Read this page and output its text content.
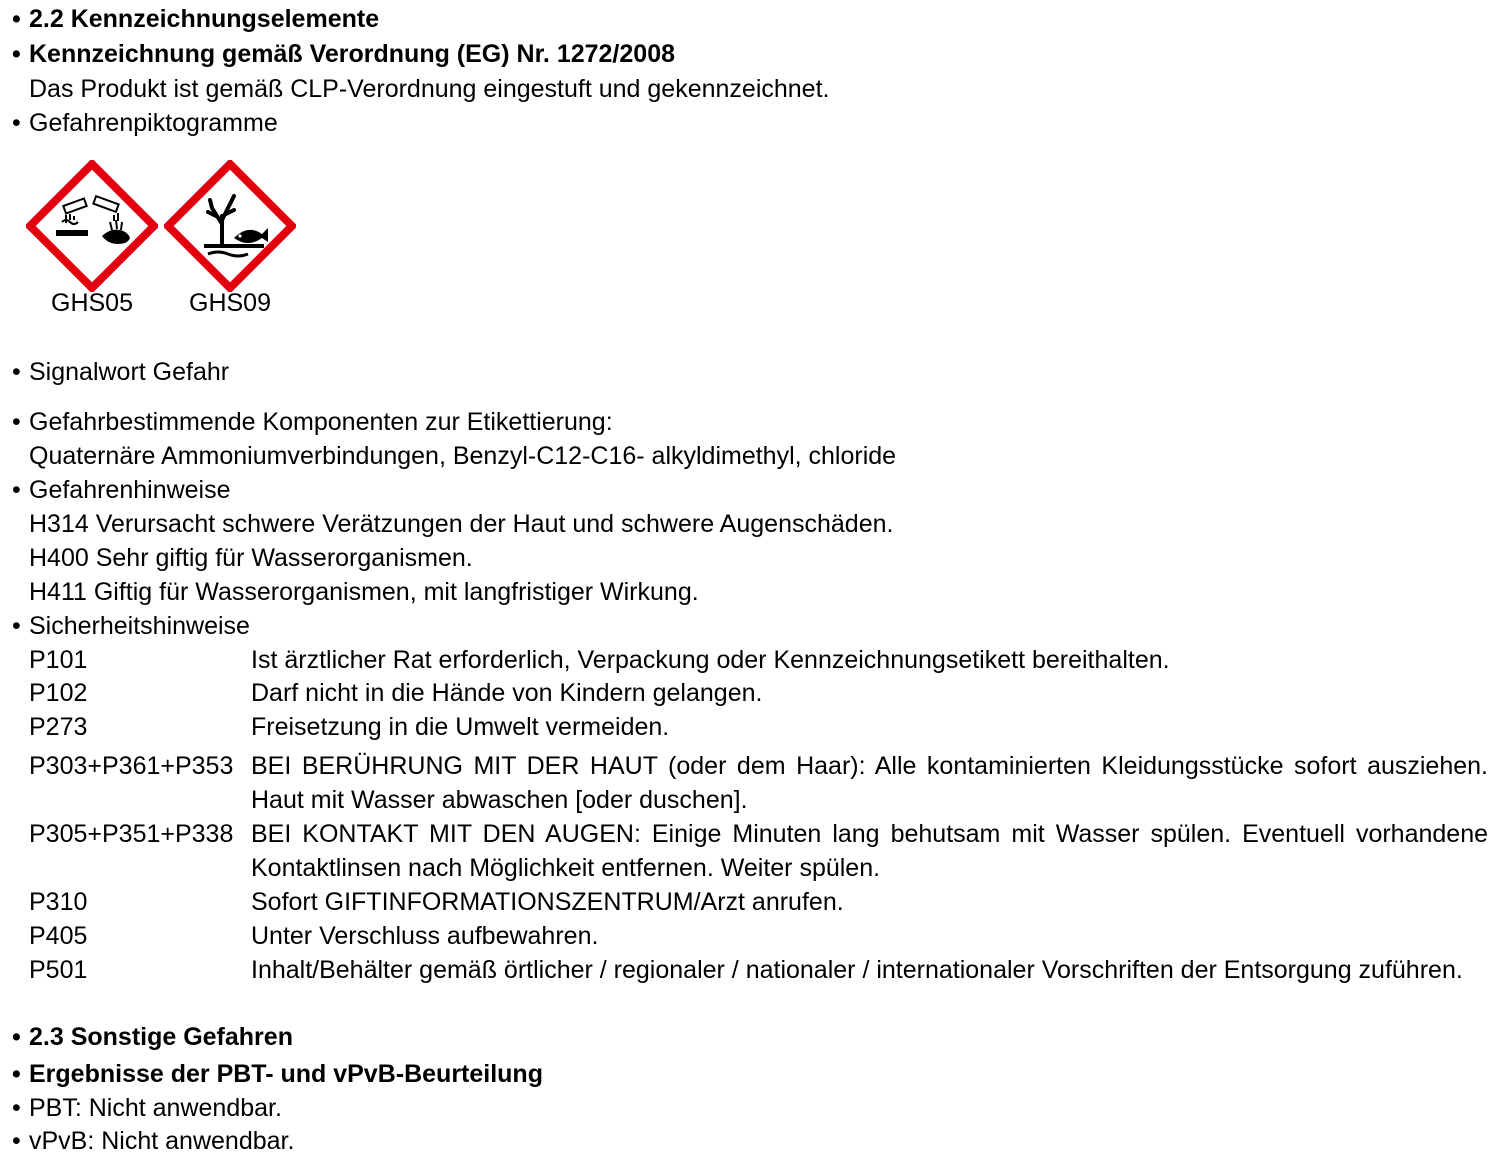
• 2.2 Kennzeichnungselemente
• Kennzeichnung gemäß Verordnung (EG) Nr. 1272/2008
Das Produkt ist gemäß CLP-Verordnung eingestuft und gekennzeichnet.
• Gefahrenpiktogramme
GHS05	GHS09
• Signalwort Gefahr
• Gefahrbestimmende Komponenten zur Etikettierung:
Quaternäre Ammoniumverbindungen, Benzyl-C12-C16- alkyldimethyl, chloride
• Gefahrenhinweise
H314 Verursacht schwere Verätzungen der Haut und schwere Augenschäden.
H400 Sehr giftig für Wasserorganismen.
H411 Giftig für Wasserorganismen, mit langfristiger Wirkung.
• Sicherheitshinweise
P101	Ist ärztlicher Rat erforderlich, Verpackung oder Kennzeichnungsetikett bereithalten.
P102	Darf nicht in die Hände von Kindern gelangen.
P273	Freisetzung in die Umwelt vermeiden.
P303+P361+P353 BEI BERÜHRUNG MIT DER HAUT (oder dem Haar): Alle kontaminierten Kleidungsstücke sofort ausziehen. Haut mit Wasser abwaschen [oder duschen].
P305+P351+P338 BEI KONTAKT MIT DEN AUGEN: Einige Minuten lang behutsam mit Wasser spülen. Eventuell vorhandene Kontaktlinsen nach Möglichkeit entfernen. Weiter spülen.
P310	Sofort GIFTINFORMATIONSZENTRUM/Arzt anrufen.
P405	Unter Verschluss aufbewahren.
P501	Inhalt/Behälter gemäß örtlicher / regionaler / nationaler / internationaler Vorschriften der Entsorgung zuführen.
• 2.3 Sonstige Gefahren
• Ergebnisse der PBT- und vPvB-Beurteilung
• PBT: Nicht anwendbar.
• vPvB: Nicht anwendbar.
